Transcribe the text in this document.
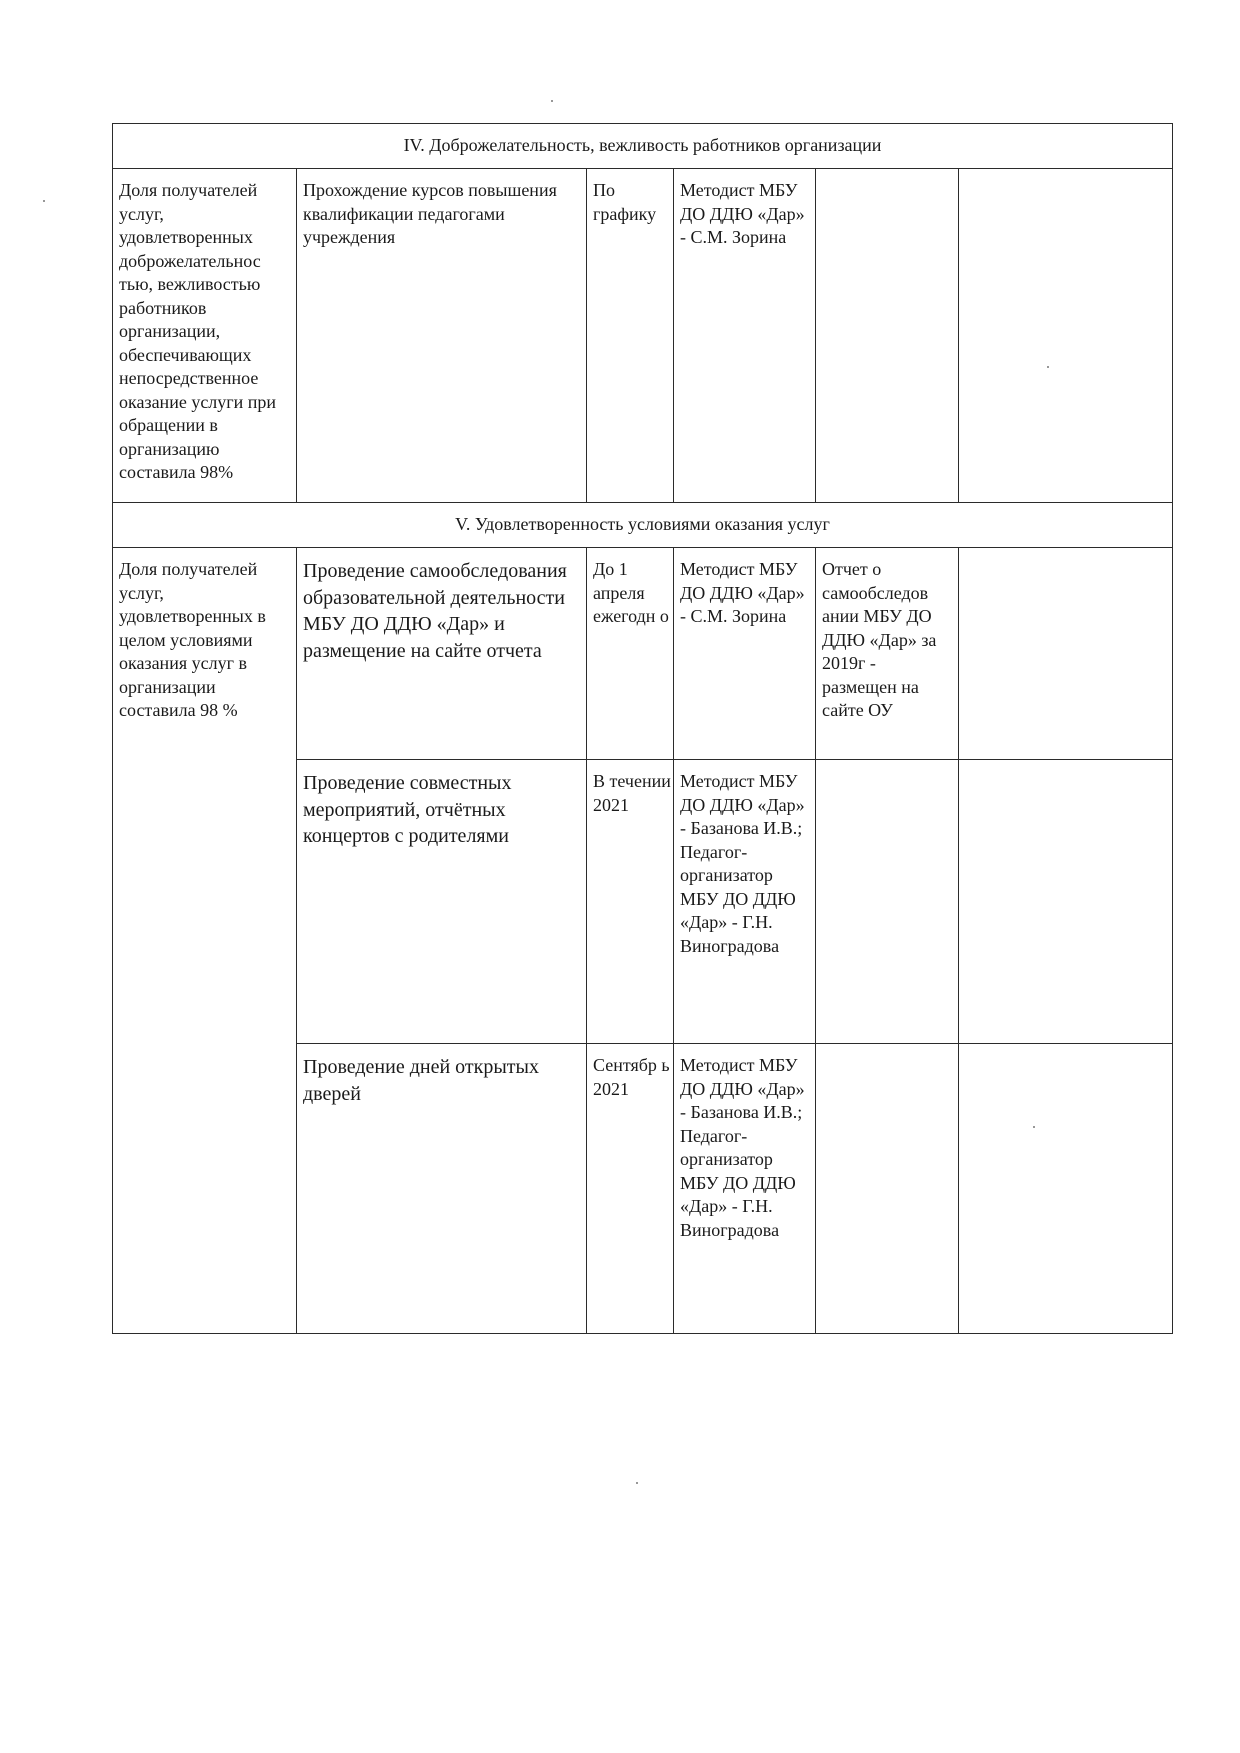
IV. Доброжелательность, вежливость работников организации					
Доля получателей услуг, удовлетворенных доброжелательнос тью, вежливостью работников организации, обеспечивающих непосредственное оказание услуги при обращении в организацию составила 98%	Прохождение курсов повышения квалификации педагогами учреждения	По графику	Методист МБУ ДО ДДЮ «Дар» - С.М. Зорина		
V. Удовлетворенность условиями оказания услуг					
Доля получателей услуг, удовлетворенных в целом условиями оказания услуг в организации составила 98 %	Проведение самообследования образовательной деятельности МБУ ДО ДДЮ «Дар» и размещение на сайте отчета	До 1 апреля ежегодн о	Методист МБУ ДО ДДЮ «Дар» - С.М. Зорина	Отчет о самообследов ании МБУ ДО ДДЮ «Дар» за 2019г - размещен на сайте ОУ	
	Проведение совместных мероприятий, отчётных концертов с родителями	В течении 2021	Методист МБУ ДО ДДЮ «Дар» - Базанова И.В.; Педагог-организатор МБУ ДО ДДЮ «Дар» - Г.Н. Виноградова		
	Проведение дней открытых дверей	Сентябр ь 2021	Методист МБУ ДО ДДЮ «Дар» - Базанова И.В.; Педагог-организатор МБУ ДО ДДЮ «Дар» - Г.Н. Виноградова		
